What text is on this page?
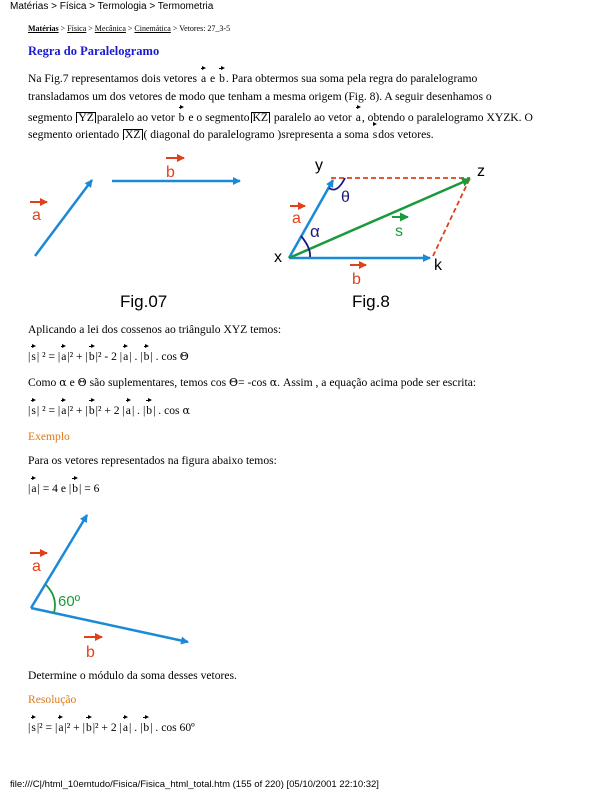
Matérias > Física > Termologia > Termometria
Matérias > Física > Mecânica > Cinemática > Vetores: 27_3-5
Regra do Paralelogramo
Na Fig.7 representamos dois vetores a e b. Para obtermos sua soma pela regra do paralelogramo
transladamos um dos vetores de modo que tenham a mesma origem (Fig. 8). A seguir desenhamos o
segmento YZ paralelo ao vetor b e o segmento KZ paralelo ao vetor a, obtendo o paralelogramo XYZK. O
segmento orientado XZ ( diagonal do paralelogramo )srepresenta a soma sdos vetores.
a
b
Fig.07
y	z
x	k
θ
α
a
b
s
Fig.8
Aplicando a lei dos cossenos ao triângulo XYZ temos:
|s| ² = |a|² + |b|² - 2 |a| . |b| . cos Θ
Como α e Θ são suplementares, temos cos Θ= -cos α. Assim , a equação acima pode ser escrita:
|s| ² = |a|² + |b|² + 2 |a| . |b| . cos α
Exemplo
Para os vetores representados na figura abaixo temos:
|a| = 4 e |b| = 6
60º
a
b
Determine o módulo da soma desses vetores.
Resolução
|s|² = |a|² + |b|² + 2 |a| . |b| . cos 60º
file:///C|/html_10emtudo/Fisica/Fisica_html_total.htm (155 of 220) [05/10/2001 22:10:32]
